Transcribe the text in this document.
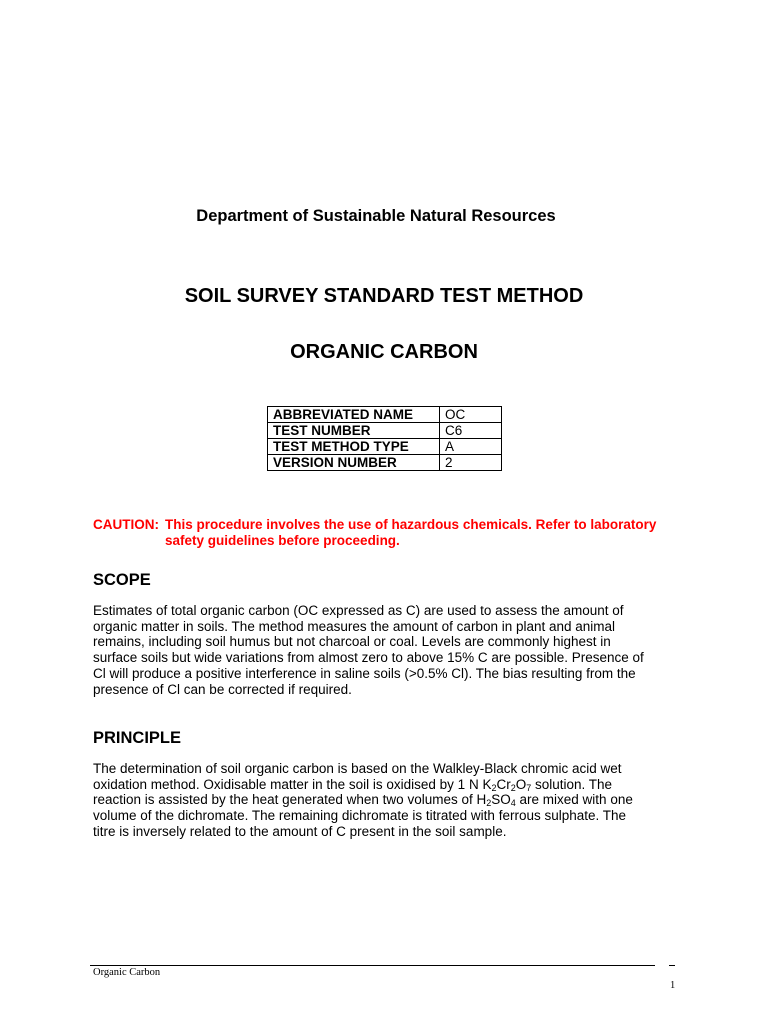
Department of Sustainable Natural Resources
SOIL SURVEY STANDARD TEST METHOD
ORGANIC CARBON
ABBREVIATED NAME	OC
TEST NUMBER	C6
TEST METHOD TYPE	A
VERSION NUMBER	2
CAUTION: This procedure involves the use of hazardous chemicals. Refer to laboratory safety guidelines before proceeding.
SCOPE

Estimates of total organic carbon (OC expressed as C) are used to assess the amount of
organic matter in soils. The method measures the amount of carbon in plant and animal
remains, including soil humus but not charcoal or coal. Levels are commonly highest in
surface soils but wide variations from almost zero to above 15% C are possible. Presence of
Cl will produce a positive interference in saline soils (>0.5% Cl). The bias resulting from the
presence of Cl can be corrected if required.

PRINCIPLE

The determination of soil organic carbon is based on the Walkley-Black chromic acid wet
oxidation method. Oxidisable matter in the soil is oxidised by 1 N $K_2Cr_2O_7$ solution. The
reaction is assisted by the heat generated when two volumes of $H_2SO_4$ are mixed with one
volume of the dichromate. The remaining dichromate is titrated with ferrous sulphate. The
titre is inversely related to the amount of C present in the soil sample.

Organic Carbon
1
